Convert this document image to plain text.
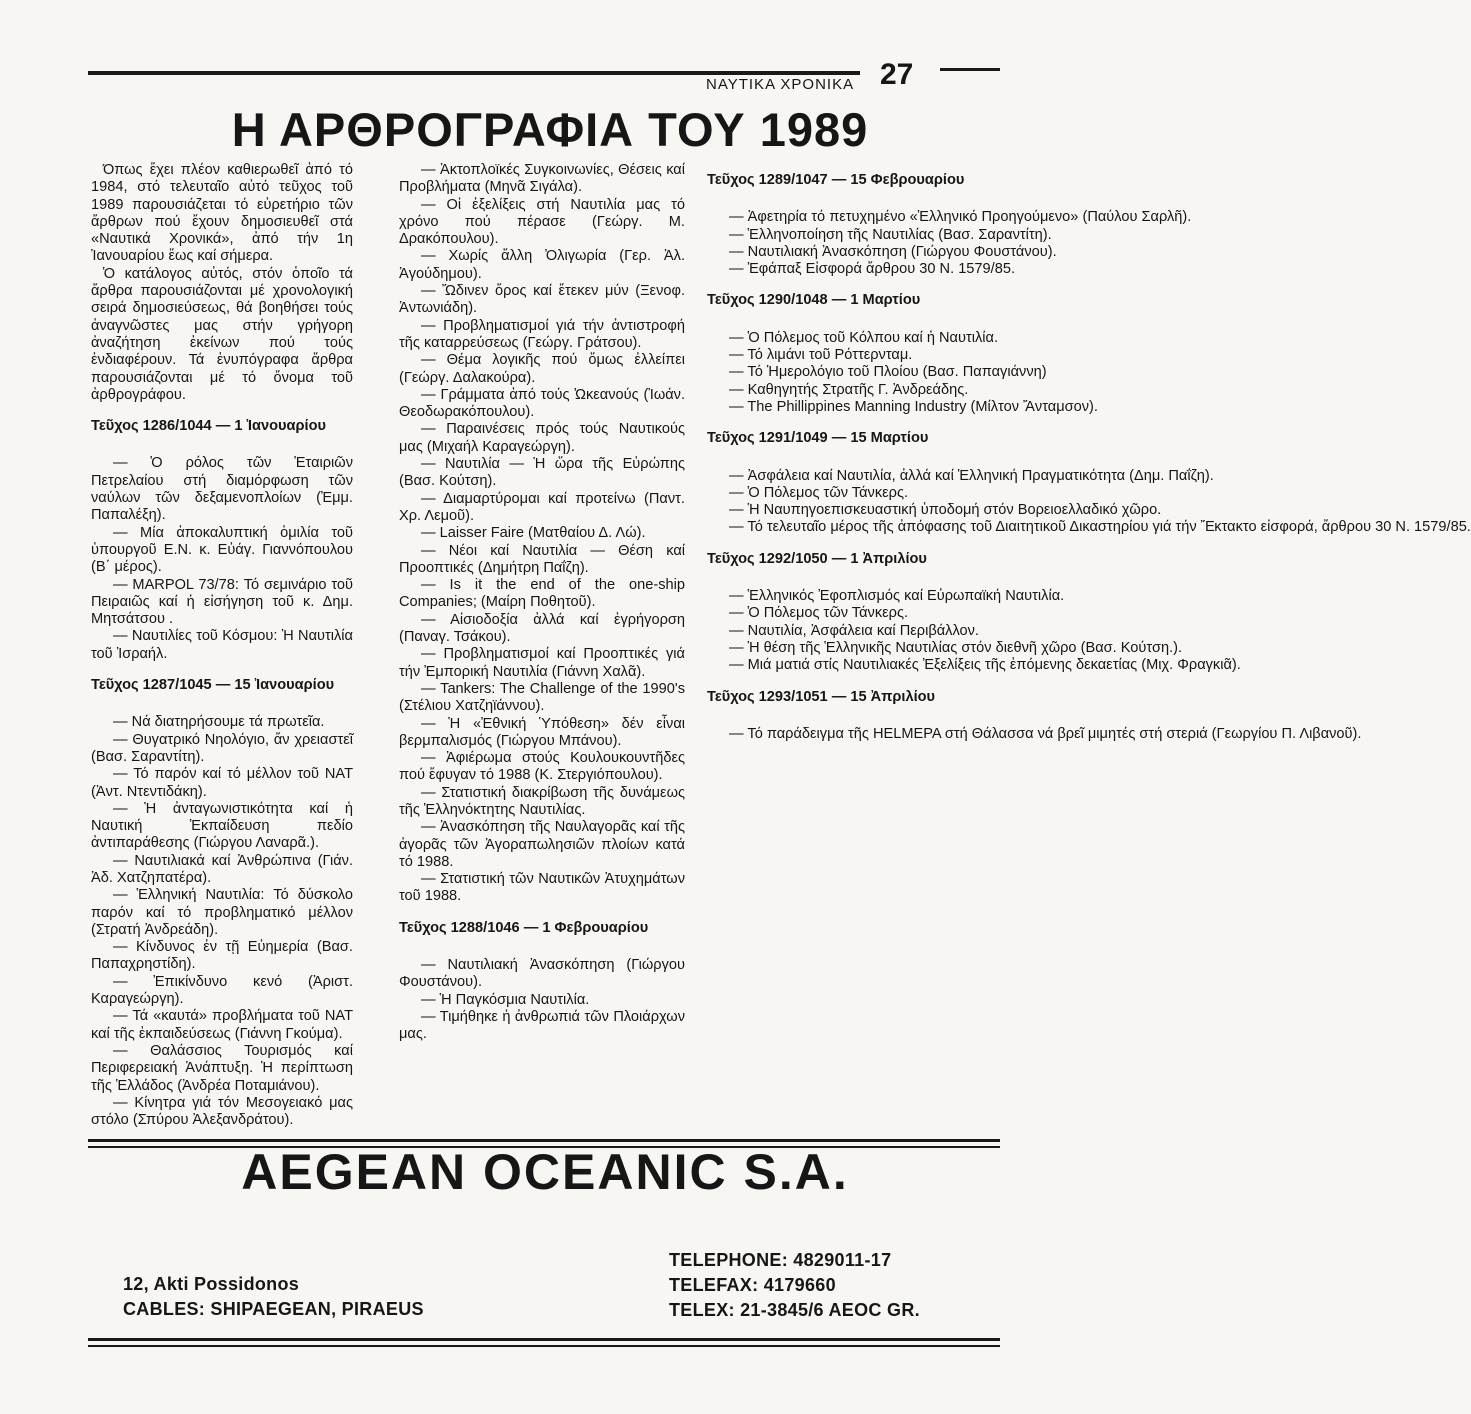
ΝΑΥΤΙΚΑ ΧΡΟΝΙΚΑ 27
Η ΑΡΘΡΟΓΡΑΦΙΑ ΤΟΥ 1989

Όπως ἔχει πλέον καθιερωθεῖ ἀπό τό 1984, στό τελευταῖο αὐτό τεῦχος τοῦ 1989 παρουσιάζεται τό εὑρετήριο τῶν ἄρθρων πού ἔχουν δημοσιευθεῖ στά «Ναυτικά Χρονικά», ἀπό τήν 1η Ἰανουαρίου ἕως καί σήμερα.

Ὁ κατάλογος αὐτός, στόν ὁποῖο τά ἄρθρα παρουσιάζονται μέ χρονολογική σειρά δημοσιεύσεως, θά βοηθήσει τούς ἀναγνῶστες μας στήν γρήγορη ἀναζήτηση ἐκείνων πού τούς ἐνδιαφέρουν. Τά ἐνυπόγραφα ἄρθρα παρουσιάζονται μέ τό ὄνομα τοῦ ἀρθρογράφου.

Τεῦχος 1286/1044 — 1 Ἰανουαρίου

— Ὁ ρόλος τῶν Ἑταιριῶν Πετρελαίου στή διαμόρφωση τῶν ναύλων τῶν δεξαμενοπλοίων (Ἐμμ. Παπαλέξη).

— Μία ἀποκαλυπτική ὁμιλία τοῦ ὑπουργοῦ Ε.Ν. κ. Εὐάγ. Γιαννόπουλου (Β΄ μέρος).

— MARPOL 73/78: Τό σεμινάριο τοῦ Πειραιῶς καί ἡ εἰσήγηση τοῦ κ. Δημ. Μητσάτσου .

— Ναυτιλίες τοῦ Κόσμου: Ἡ Ναυτιλία τοῦ Ἰσραήλ.

Τεῦχος 1287/1045 — 15 Ἰανουαρίου

— Νά διατηρήσουμε τά πρωτεῖα.

— Θυγατρικό Νηολόγιο, ἄν χρειαστεῖ (Βασ. Σαραντίτη).

— Τό παρόν καί τό μέλλον τοῦ ΝΑΤ (Ἀντ. Ντεντιδάκη).

— Ἡ ἀνταγωνιστικότητα καί ἡ Ναυτική Ἐκπαίδευση πεδίο ἀντιπαράθεσης (Γιώργου Λαναρᾶ.).

— Ναυτιλιακά καί Ἀνθρώπινα (Γιάν. Ἀδ. Χατζηπατέρα).

— Ἑλληνική Ναυτιλία: Τό δύσκολο παρόν καί τό προβληματικό μέλλον (Στρατή Ἀνδρεάδη).

— Κίνδυνος ἐν τῇ Εὐημερία (Βασ. Παπαχρηστίδη).

— Ἐπικίνδυνο κενό (Ἀριστ. Καραγεώργη).

— Τά «καυτά» προβλήματα τοῦ ΝΑΤ καί τῆς ἐκπαιδεύσεως (Γιάννη Γκούμα).

— Θαλάσσιος Τουρισμός καί Περιφερειακή Ἀνάπτυξη. Ἡ περίπτωση τῆς Ἑλλάδος (Ἀνδρέα Ποταμιάνου).

— Κίνητρα γιά τόν Μεσογειακό μας στόλο (Σπύρου Ἀλεξανδράτου).

— Ἀκτοπλοϊκές Συγκοινωνίες, Θέσεις καί Προβλήματα (Μηνᾶ Σιγάλα).

— Οἱ ἐξελίξεις στή Ναυτιλία μας τό χρόνο πού πέρασε (Γεώργ. Μ. Δρακόπουλου).

— Χωρίς ἄλλη Ὀλιγωρία (Γερ. Ἀλ. Ἀγούδημου).

— Ὤδινεν ὄρος καί ἔτεκεν μύν (Ξενοφ. Ἀντωνιάδη).

— Προβληματισμοί γιά τήν ἀντιστροφή τῆς καταρρεύσεως (Γεώργ. Γράτσου).

— Θέμα λογικῆς πού ὅμως ἐλλείπει (Γεώργ. Δαλακούρα).

— Γράμματα ἀπό τούς Ὠκεανούς (Ἰωάν. Θεοδωρακόπουλου).

— Παραινέσεις πρός τούς Ναυτικούς μας (Μιχαήλ Καραγεώργη).

— Ναυτιλία — Ἡ ὥρα τῆς Εὐρώπης (Βασ. Κούτση).

— Διαμαρτύρομαι καί προτείνω (Παντ. Χρ. Λεμοῦ).

— Laisser Faire (Ματθαίου Δ. Λώ).

— Νέοι καί Ναυτιλία — Θέση καί Προοπτικές (Δημήτρη Παΐζη).

— Is it the end of the one-ship Companies; (Μαίρη Ποθητοῦ).

— Αἰσιοδοξία ἀλλά καί ἐγρήγορση (Παναγ. Τσάκου).

— Προβληματισμοί καί Προοπτικές γιά τήν Ἐμπορική Ναυτιλία (Γιάννη Χαλᾶ).

— Tankers: The Challenge of the 1990's (Στέλιου Χατζηϊάννου).

— Ἡ «Ἐθνική Ὑπόθεση» δέν εἶναι βερμπαλισμός (Γιώργου Μπάνου).

— Ἀφιέρωμα στούς Κουλουκουντῆδες πού ἔφυγαν τό 1988 (Κ. Στεργιόπουλου).

— Στατιστική διακρίβωση τῆς δυνάμεως τῆς Ἑλληνόκτητης Ναυτιλίας.

— Ἀνασκόπηση τῆς Ναυλαγορᾶς καί τῆς ἀγορᾶς τῶν Ἀγοραπωλησιῶν πλοίων κατά τό 1988.

— Στατιστική τῶν Ναυτικῶν Ἀτυχημάτων τοῦ 1988.

Τεῦχος 1288/1046 — 1 Φεβρουαρίου

— Ναυτιλιακή Ἀνασκόπηση (Γιώργου Φουστάνου).

— Ἡ Παγκόσμια Ναυτιλία.

— Τιμήθηκε ἡ ἀνθρωπιά τῶν Πλοιάρχων μας.

Τεῦχος 1289/1047 — 15 Φεβρουαρίου

— Ἀφετηρία τό πετυχημένο «Ἑλληνικό Προηγούμενο» (Παύλου Σαρλῆ).

— Ἑλληνοποίηση τῆς Ναυτιλίας (Βασ. Σαραντίτη).

— Ναυτιλιακή Ἀνασκόπηση (Γιώργου Φουστάνου).

— Ἐφάπαξ Εἰσφορά ἄρθρου 30 Ν. 1579/85.

Τεῦχος 1290/1048 — 1 Μαρτίου

— Ὁ Πόλεμος τοῦ Κόλπου καί ἡ Ναυτιλία.

— Τό λιμάνι τοῦ Ρόττερνταμ.

— Τό Ἡμερολόγιο τοῦ Πλοίου (Βασ. Παπαγιάννη)

— Καθηγητής Στρατῆς Γ. Ἀνδρεάδης.

— The Phillippines Manning Industry (Μίλτον Ἄνταμσον).

Τεῦχος 1291/1049 — 15 Μαρτίου

— Ἀσφάλεια καί Ναυτιλία, ἀλλά καί Ἑλληνική Πραγματικότητα (Δημ. Παΐζη).

— Ὁ Πόλεμος τῶν Τάνκερς.

— Ἡ Ναυπηγοεπισκευαστική ὑποδομή στόν Βορειοελλαδικό χῶρο.

— Τό τελευταῖο μέρος τῆς ἀπόφασης τοῦ Διαιτητικοῦ Δικαστηρίου γιά τήν Ἔκτακτο εἰσφορά, ἄρθρου 30 Ν. 1579/85.

Τεῦχος 1292/1050 — 1 Ἀπριλίου

— Ἑλληνικός Ἐφοπλισμός καί Εὐρωπαϊκή Ναυτιλία.

— Ὁ Πόλεμος τῶν Τάνκερς.

— Ναυτιλία, Ἀσφάλεια καί Περιβάλλον.

— Ἡ θέση τῆς Ἑλληνικῆς Ναυτιλίας στόν διεθνῆ χῶρο (Βασ. Κούτση.).

— Μιά ματιά στίς Ναυτιλιακές Ἐξελίξεις τῆς ἑπόμενης δεκαετίας (Μιχ. Φραγκιᾶ).

Τεῦχος 1293/1051 — 15 Ἀπριλίου

— Τό παράδειγμα τῆς HELMEPA στή Θάλασσα νά βρεῖ μιμητές στή στεριά (Γεωργίου Π. Λιβανοῦ).

AEGEAN OCEANIC S.A.
12, Akti Possidonos
CABLES: SHIPAEGEAN, PIRAEUS
TELEPHONE: 4829011-17
TELEFAX: 4179660
TELEX: 21-3845/6 AEOC GR.
